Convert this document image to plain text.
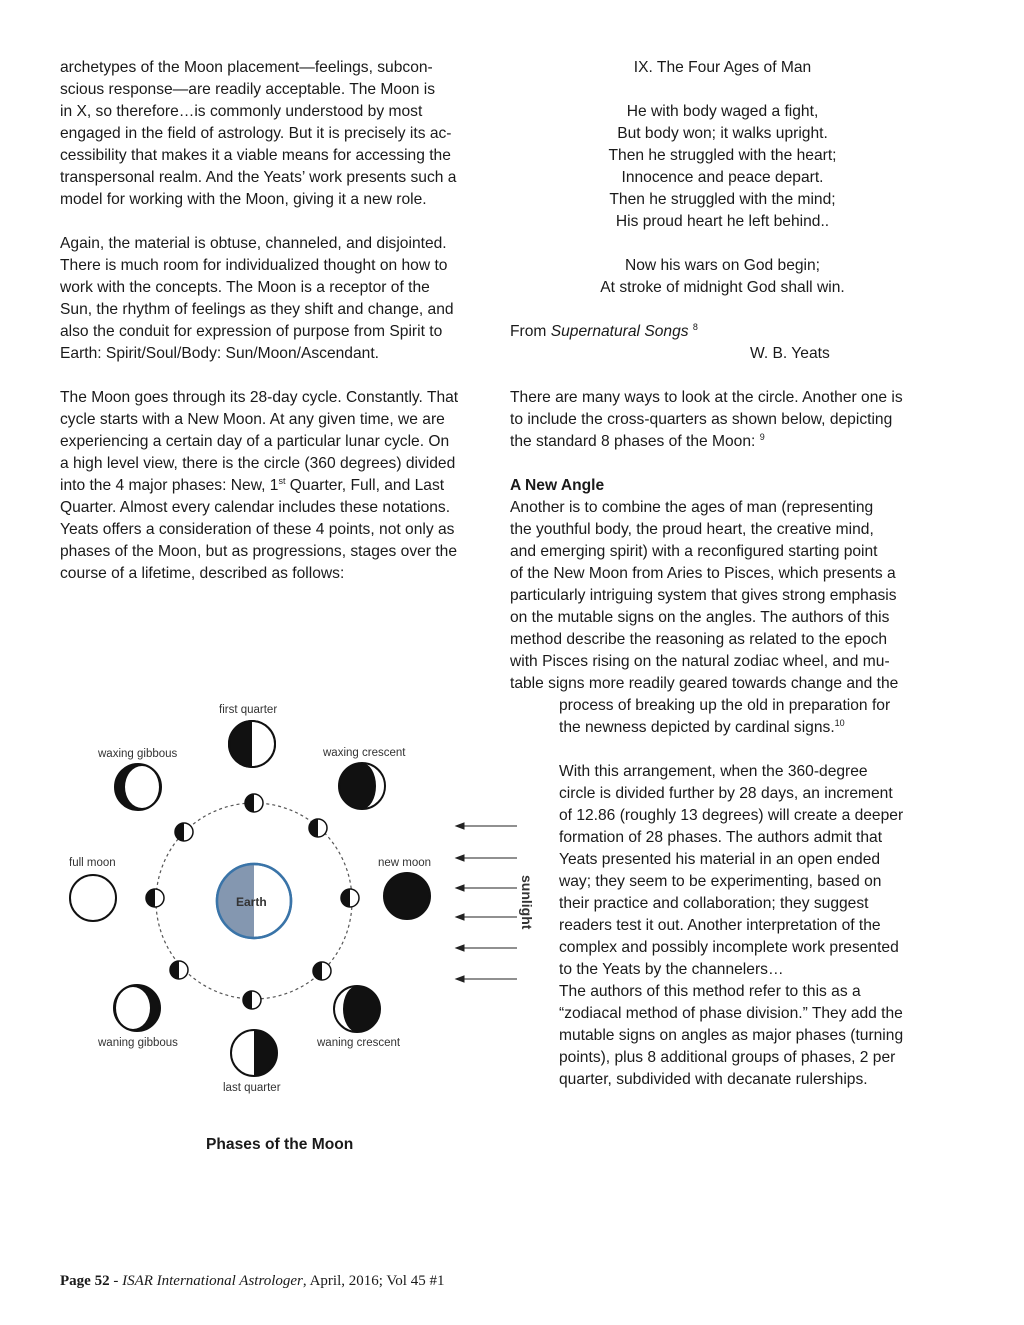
archetypes of the Moon placement—feelings, subcon-
scious response—are readily acceptable. The Moon is
in X, so therefore…is commonly understood by most
engaged in the field of astrology. But it is precisely its ac-
cessibility that makes it a viable means for accessing the
transpersonal realm. And the Yeats’ work presents such a
model for working with the Moon, giving it a new role.
Again, the material is obtuse, channeled, and disjointed.
There is much room for individualized thought on how to
work with the concepts. The Moon is a receptor of the
Sun, the rhythm of feelings as they shift and change, and
also the conduit for expression of purpose from Spirit to
Earth: Spirit/Soul/Body: Sun/Moon/Ascendant.
The Moon goes through its 28-day cycle. Constantly. That
cycle starts with a New Moon. At any given time, we are
experiencing a certain day of a particular lunar cycle. On
a high level view, there is the circle (360 degrees) divided
into the 4 major phases: New, 1st Quarter, Full, and Last
Quarter. Almost every calendar includes these notations.
Yeats offers a consideration of these 4 points, not only as
phases of the Moon, but as progressions, stages over the
course of a lifetime, described as follows:
Earth
first quarter
waxing gibbous	waxing crescent
full moon	new moon
waning gibbous	waning crescent
last quarter
sunlight
Phases of the Moon
IX. The Four Ages of Man
He with body waged a fight,
But body won; it walks upright.
Then he struggled with the heart;
Innocence and peace depart.
Then he struggled with the mind;
His proud heart he left behind..
Now his wars on God begin;
At stroke of midnight God shall win.
From Supernatural Songs $^8$
W. B. Yeats
There are many ways to look at the circle. Another one is
to include the cross-quarters as shown below, depicting
the standard 8 phases of the Moon: $^9$
A New Angle
Another is to combine the ages of man (representing
the youthful body, the proud heart, the creative mind,
and emerging spirit) with a reconfigured starting point
of the New Moon from Aries to Pisces, which presents a
particularly intriguing system that gives strong emphasis
on the mutable signs on the angles. The authors of this
method describe the reasoning as related to the epoch
with Pisces rising on the natural zodiac wheel, and mu-
table signs more readily geared towards change and the
process of breaking up the old in preparation for
the newness depicted by cardinal signs.$^{10}$
With this arrangement, when the 360-degree
circle is divided further by 28 days, an increment
of 12.86 (roughly 13 degrees) will create a deeper
formation of 28 phases. The authors admit that
Yeats presented his material in an open ended
way; they seem to be experimenting, based on
their practice and collaboration; they suggest
readers test it out. Another interpretation of the
complex and possibly incomplete work presented
to the Yeats by the channelers…
The authors of this method refer to this as a
“zodiacal method of phase division.” They add the
mutable signs on angles as major phases (turning
points), plus 8 additional groups of phases, 2 per
quarter, subdivided with decanate rulerships.
Page 52 - ISAR International Astrologer, April, 2016; Vol 45 #1
